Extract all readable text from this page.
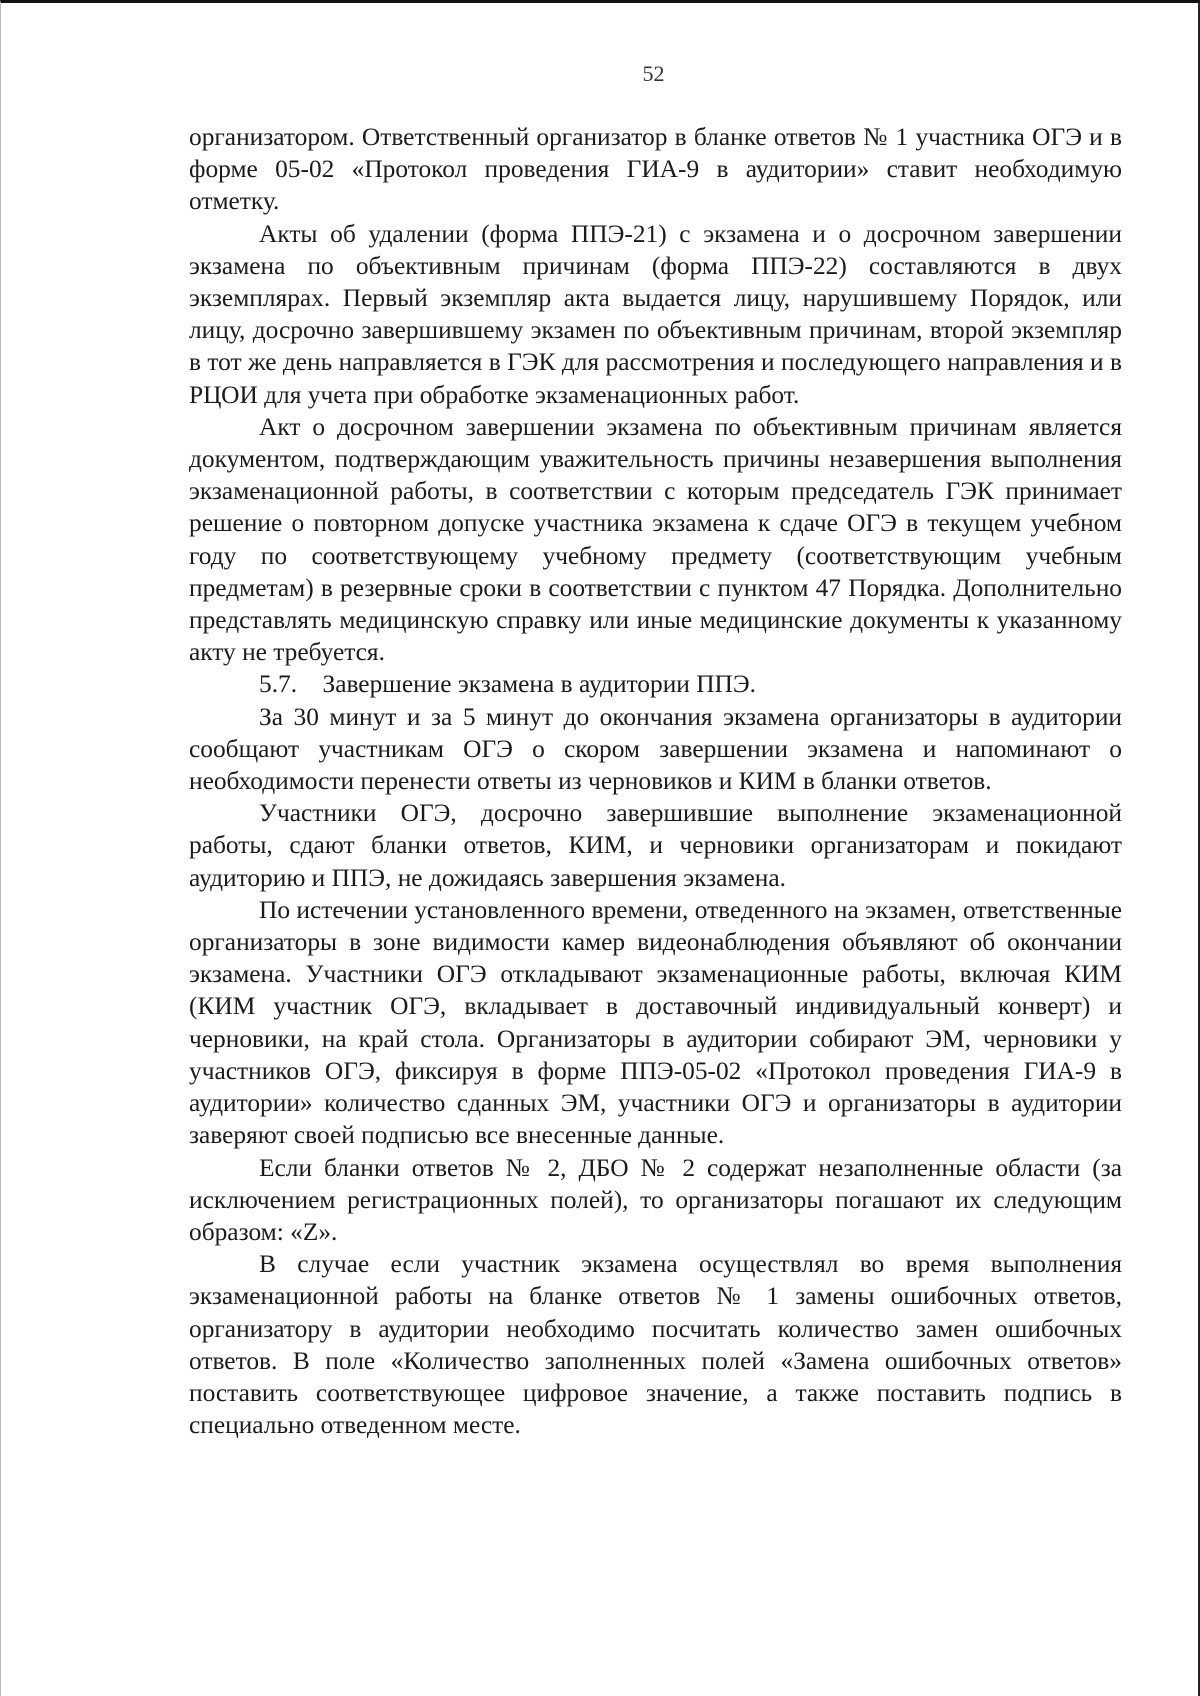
52

организатором. Ответственный организатор в бланке ответов № 1 участника ОГЭ и в форме 05-02 «Протокол проведения ГИА-9 в аудитории» ставит необходимую отметку.

Акты об удалении (форма ППЭ-21) с экзамена и о досрочном завершении экзамена по объективным причинам (форма ППЭ-22) составляются в двух экземплярах. Первый экземпляр акта выдается лицу, нарушившему Порядок, или лицу, досрочно завершившему экзамен по объективным причинам, второй экземпляр в тот же день направляется в ГЭК для рассмотрения и последующего направления и в РЦОИ для учета при обработке экзаменационных работ.

Акт о досрочном завершении экзамена по объективным причинам является документом, подтверждающим уважительность причины незавершения выполнения экзаменационной работы, в соответствии с которым председатель ГЭК принимает решение о повторном допуске участника экзамена к сдаче ОГЭ в текущем учебном году по соответствующему учебному предмету (соответствующим учебным предметам) в резервные сроки в соответствии с пунктом 47 Порядка. Дополнительно представлять медицинскую справку или иные медицинские документы к указанному акту не требуется.

5.7.    Завершение экзамена в аудитории ППЭ.

За 30 минут и за 5 минут до окончания экзамена организаторы в аудитории сообщают участникам ОГЭ о скором завершении экзамена и напоминают о необходимости перенести ответы из черновиков и КИМ в бланки ответов.

Участники ОГЭ, досрочно завершившие выполнение экзаменационной работы, сдают бланки ответов, КИМ, и черновики организаторам и покидают аудиторию и ППЭ, не дожидаясь завершения экзамена.

По истечении установленного времени, отведенного на экзамен, ответственные организаторы в зоне видимости камер видеонаблюдения объявляют об окончании экзамена. Участники ОГЭ откладывают экзаменационные работы, включая КИМ (КИМ участник ОГЭ, вкладывает в доставочный индивидуальный конверт) и черновики, на край стола. Организаторы в аудитории собирают ЭМ, черновики у участников ОГЭ, фиксируя в форме ППЭ-05-02 «Протокол проведения ГИА-9 в аудитории» количество сданных ЭМ, участники ОГЭ и организаторы в аудитории заверяют своей подписью все внесенные данные.

Если бланки ответов № 2, ДБО № 2 содержат незаполненные области (за исключением регистрационных полей), то организаторы погашают их следующим образом: «Z».

В случае если участник экзамена осуществлял во время выполнения экзаменационной работы на бланке ответов № 1 замены ошибочных ответов, организатору в аудитории необходимо посчитать количество замен ошибочных ответов. В поле «Количество заполненных полей «Замена ошибочных ответов» поставить соответствующее цифровое значение, а также поставить подпись в специально отведенном месте.
